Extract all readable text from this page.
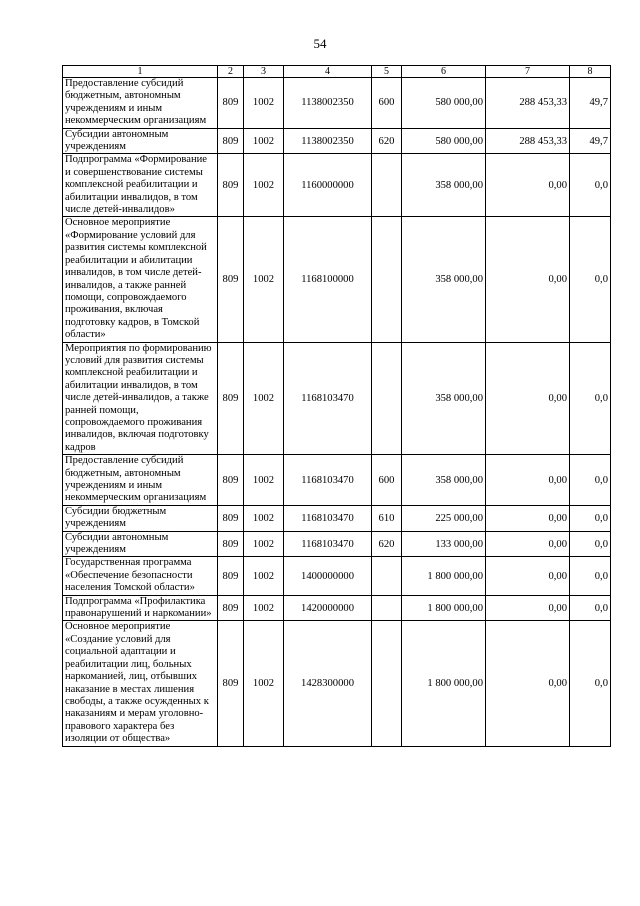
54
1	2	3	4	5	6	7	8
Предоставление субсидий бюджетным, автономным учреждениям и иным некоммерческим организациям	809	1002	1138002350	600	580 000,00	288 453,33	49,7
Субсидии автономным учреждениям	809	1002	1138002350	620	580 000,00	288 453,33	49,7
Подпрограмма «Формирование и совершенствование системы комплексной реабилитации и абилитации инвалидов, в том числе детей-инвалидов»	809	1002	1160000000		358 000,00	0,00	0,0
Основное мероприятие «Формирование условий для развития системы комплексной реабилитации и абилитации инвалидов, в том числе детей-инвалидов, а также ранней помощи, сопровождаемого проживания, включая подготовку кадров, в Томской области»	809	1002	1168100000		358 000,00	0,00	0,0
Мероприятия по формированию условий для развития системы комплексной реабилитации и абилитации инвалидов, в том числе детей-инвалидов, а также ранней помощи, сопровождаемого проживания инвалидов, включая подготовку кадров	809	1002	1168103470		358 000,00	0,00	0,0
Предоставление субсидий бюджетным, автономным учреждениям и иным некоммерческим организациям	809	1002	1168103470	600	358 000,00	0,00	0,0
Субсидии бюджетным учреждениям	809	1002	1168103470	610	225 000,00	0,00	0,0
Субсидии автономным учреждениям	809	1002	1168103470	620	133 000,00	0,00	0,0
Государственная программа «Обеспечение безопасности населения Томской области»	809	1002	1400000000		1 800 000,00	0,00	0,0
Подпрограмма «Профилактика правонарушений и наркомании»	809	1002	1420000000		1 800 000,00	0,00	0,0
Основное мероприятие «Создание условий для социальной адаптации и реабилитации лиц, больных наркоманией, лиц, отбывших наказание в местах лишения свободы, а также осужденных к наказаниям и мерам уголовно-правового характера без изоляции от общества»	809	1002	1428300000		1 800 000,00	0,00	0,0
